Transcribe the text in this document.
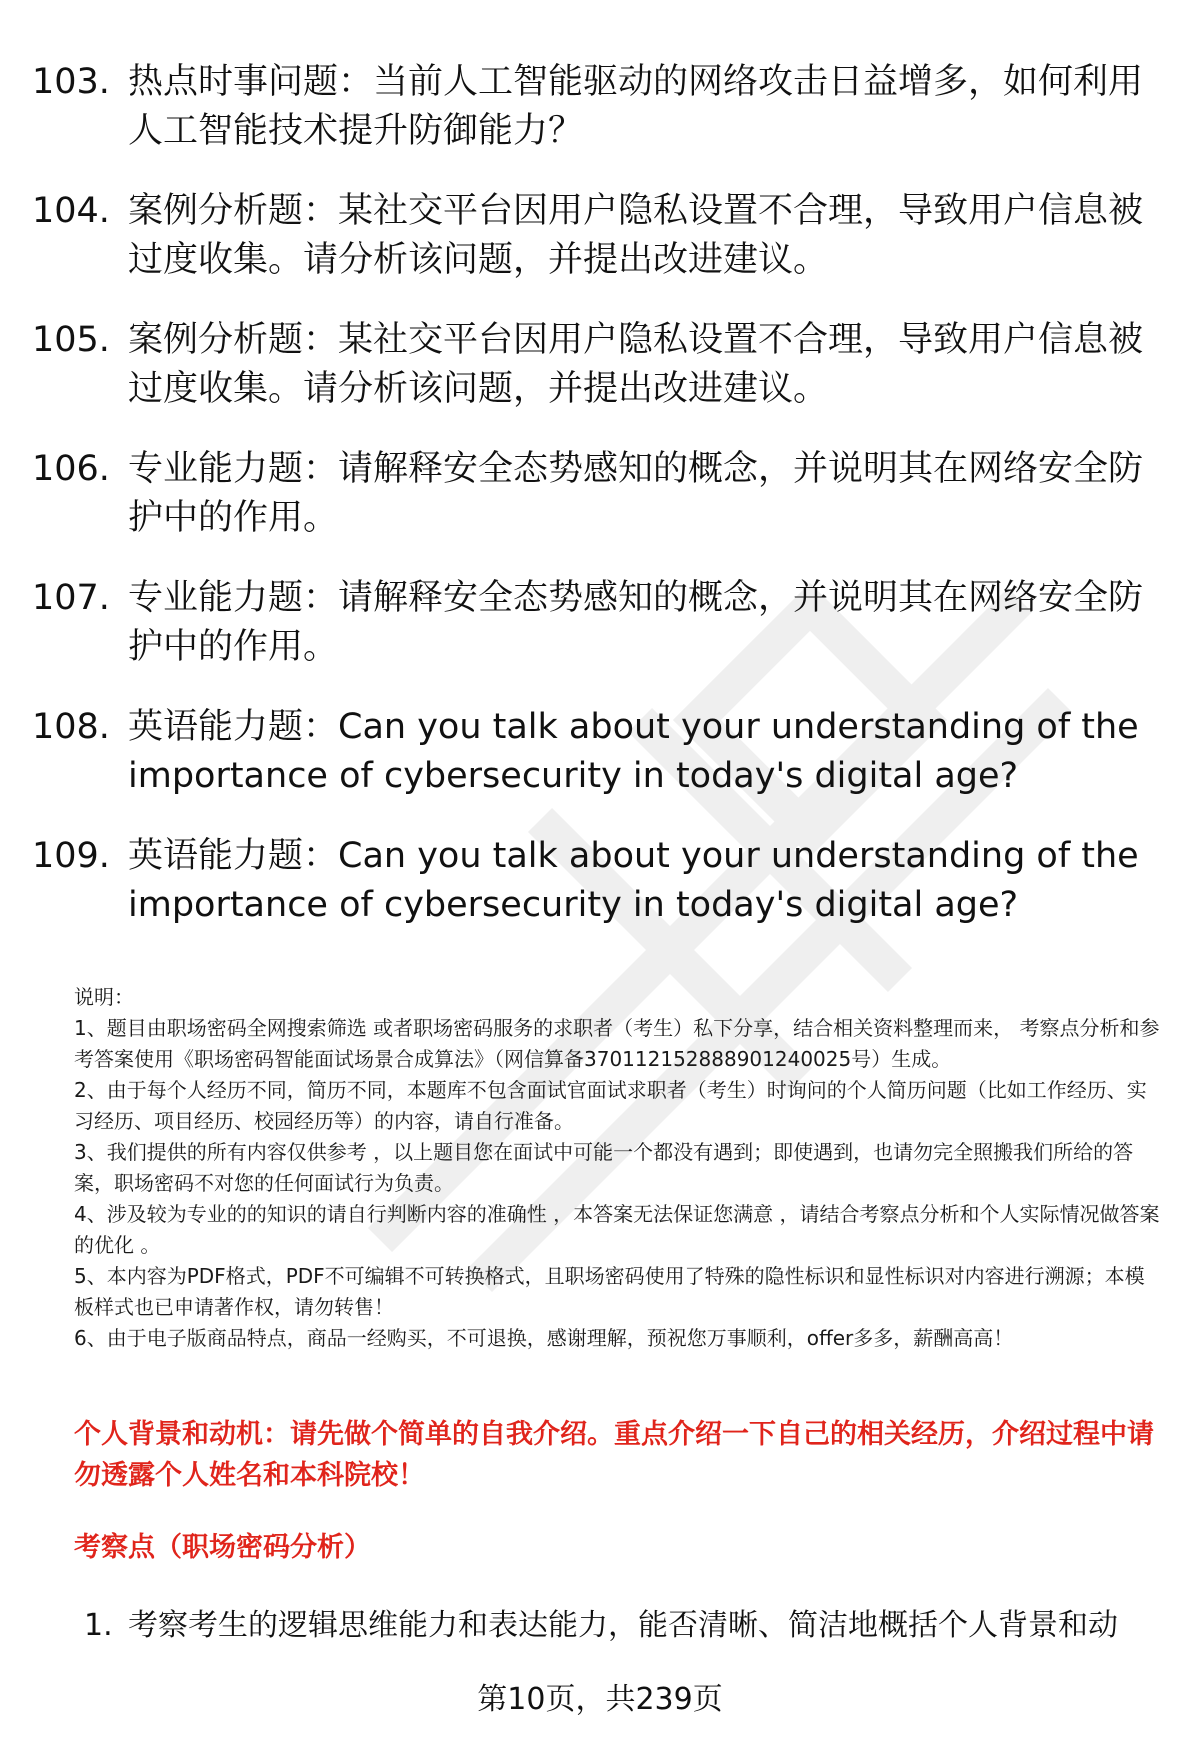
103. 热点时事问题：当前人工智能驱动的网络攻击日益增多，如何利用人工智能技术提升防御能力？
104. 案例分析题：某社交平台因用户隐私设置不合理，导致用户信息被过度收集。请分析该问题，并提出改进建议。
105. 案例分析题：某社交平台因用户隐私设置不合理，导致用户信息被过度收集。请分析该问题，并提出改进建议。
106. 专业能力题：请解释安全态势感知的概念，并说明其在网络安全防护中的作用。
107. 专业能力题：请解释安全态势感知的概念，并说明其在网络安全防护中的作用。
108. 英语能力题：Can you talk about your understanding of the importance of cybersecurity in today's digital age?
109. 英语能力题：Can you talk about your understanding of the importance of cybersecurity in today's digital age?

说明：

1、题目由职场密码全网搜索筛选 或者职场密码服务的求职者（考生）私下分享，结合相关资料整理而来， 考察点分析和参考答案使用《职场密码智能面试场景合成算法》（网信算备370112152888901240025号）生成。

2、由于每个人经历不同，简历不同，本题库不包含面试官面试求职者（考生）时询问的个人简历问题（比如工作经历、实习经历、项目经历、校园经历等）的内容，请自行准备。

3、我们提供的所有内容仅供参考 ，以上题目您在面试中可能一个都没有遇到；即使遇到，也请勿完全照搬我们所给的答案，职场密码不对您的任何面试行为负责。

4、涉及较为专业的的知识的请自行判断内容的准确性 ，本答案无法保证您满意 ，请结合考察点分析和个人实际情况做答案的优化 。

5、本内容为PDF格式，PDF不可编辑不可转换格式，且职场密码使用了特殊的隐性标识和显性标识对内容进行溯源；本模板样式也已申请著作权，请勿转售！

6、由于电子版商品特点，商品一经购买，不可退换，感谢理解，预祝您万事顺利，offer多多，薪酬高高！

个人背景和动机：请先做个简单的自我介绍。重点介绍一下自己的相关经历，介绍过程中请勿透露个人姓名和本科院校！
考察点（职场密码分析）
1. 考察考生的逻辑思维能力和表达能力，能否清晰、简洁地概括个人背景和动
第10页，共239页
